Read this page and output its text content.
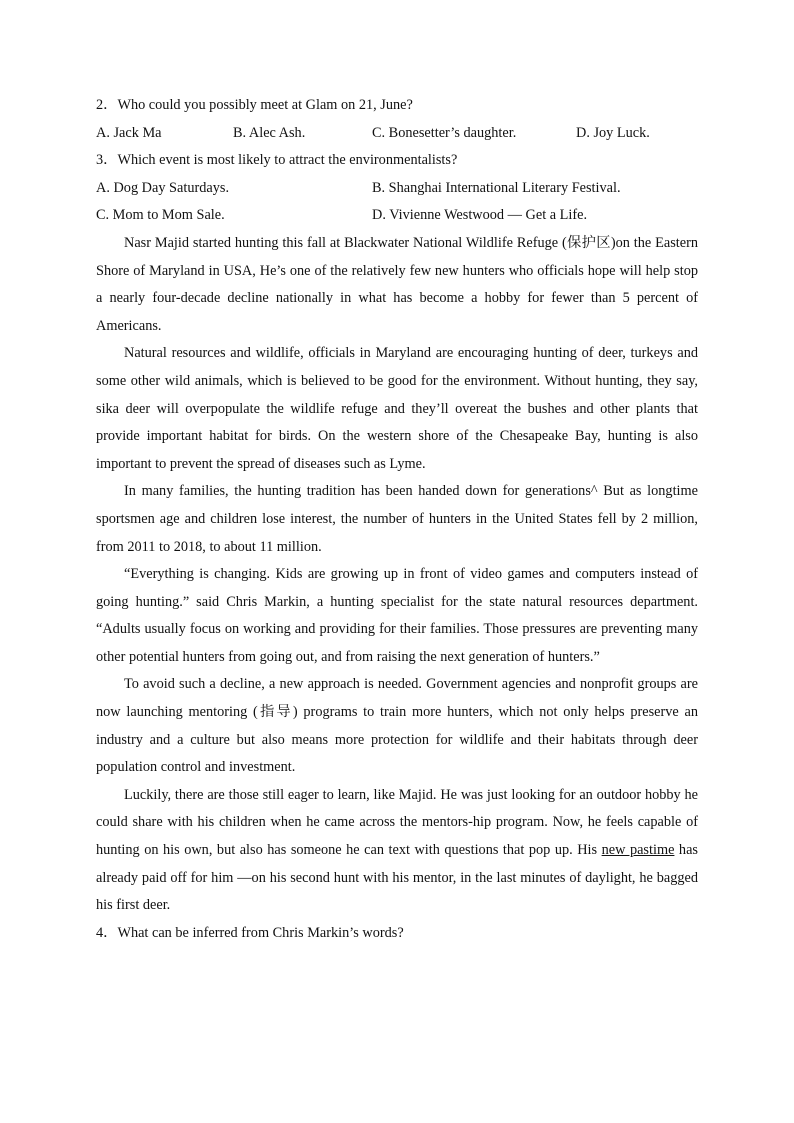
2．Who could you possibly meet at Glam on 21, June?
A. Jack Ma	B. Alec Ash.	C. Bonesetter’s daughter.	D. Joy Luck.
3．Which event is most likely to attract the environmentalists?
A. Dog Day Saturdays.	B. Shanghai International Literary Festival.
C. Mom to Mom Sale.	D. Vivienne Westwood — Get a Life.

Nasr Majid started hunting this fall at Blackwater National Wildlife Refuge (保护区)on the Eastern Shore of Maryland in USA, He’s one of the relatively few new hunters who officials hope will help stop a nearly four-decade decline nationally in what has become a hobby for fewer than 5 percent of Americans.

Natural resources and wildlife, officials in Maryland are encouraging hunting of deer, turkeys and some other wild animals, which is believed to be good for the environment. Without hunting, they say, sika deer will overpopulate the wildlife refuge and they’ll overeat the bushes and other plants that provide important habitat for birds. On the western shore of the Chesapeake Bay, hunting is also important to prevent the spread of diseases such as Lyme.

In many families, the hunting tradition has been handed down for generations^ But as longtime sportsmen age and children lose interest, the number of hunters in the United States fell by 2 million, from 2011 to 2018, to about 11 million.

“Everything is changing. Kids are growing up in front of video games and computers instead of going hunting.” said Chris Markin, a hunting specialist for the state natural resources department. “Adults usually focus on working and providing for their families. Those pressures are preventing many other potential hunters from going out, and from raising the next generation of hunters.”

To avoid such a decline, a new approach is needed. Government agencies and nonprofit groups are now launching mentoring (指导) programs to train more hunters, which not only helps preserve an industry and a culture but also means more protection for wildlife and their habitats through deer population control and investment.

Luckily, there are those still eager to learn, like Majid. He was just looking for an outdoor hobby he could share with his children when he came across the mentors-hip program. Now, he feels capable of hunting on his own, but also has someone he can text with questions that pop up. His new pastime has already paid off for him —on his second hunt with his mentor, in the last minutes of daylight, he bagged his first deer.

4．What can be inferred from Chris Markin’s words?
